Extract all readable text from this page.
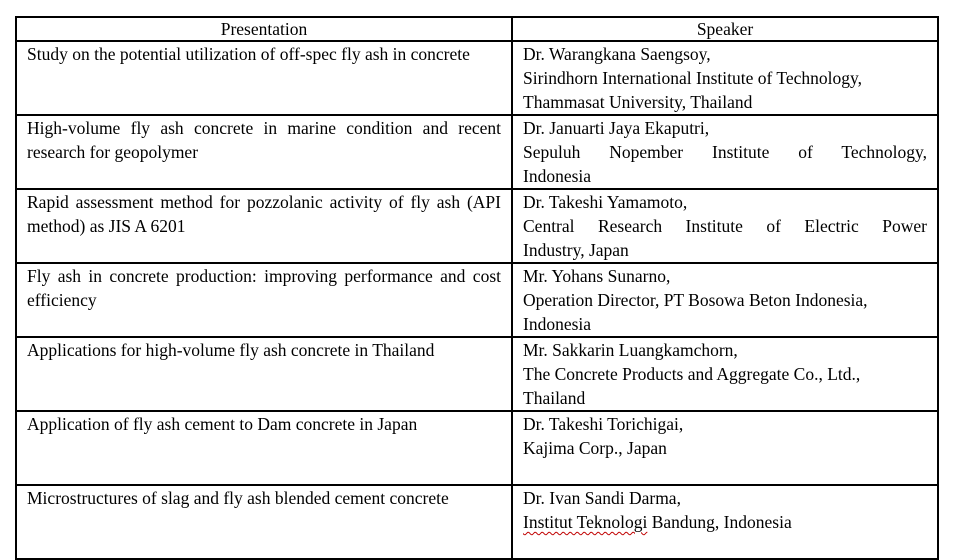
Presentation	Speaker
Study on the potential utilization of off-spec fly ash in concrete	Dr. Warangkana Saengsoy,
Sirindhorn International Institute of Technology,
Thammasat University, Thailand

High-volume fly ash concrete in marine condition and recent research for geopolymer	Dr. Januarti Jaya Ekaputri,
Sepuluh Nopember Institute of Technology,
Indonesia

Rapid assessment method for pozzolanic activity of fly ash (API method) as JIS A 6201	Dr. Takeshi Yamamoto,
Central Research Institute of Electric Power
Industry, Japan

Fly ash in concrete production: improving performance and cost efficiency	Mr. Yohans Sunarno,
Operation Director, PT Bosowa Beton Indonesia,
Indonesia

Applications for high-volume fly ash concrete in Thailand	Mr. Sakkarin Luangkamchorn,
The Concrete Products and Aggregate Co., Ltd.,
Thailand

Application of fly ash cement to Dam concrete in Japan	Dr. Takeshi Torichigai,
Kajima Corp., Japan

Microstructures of slag and fly ash blended cement concrete	Dr. Ivan Sandi Darma,
Institut Teknologi Bandung, Indonesia
